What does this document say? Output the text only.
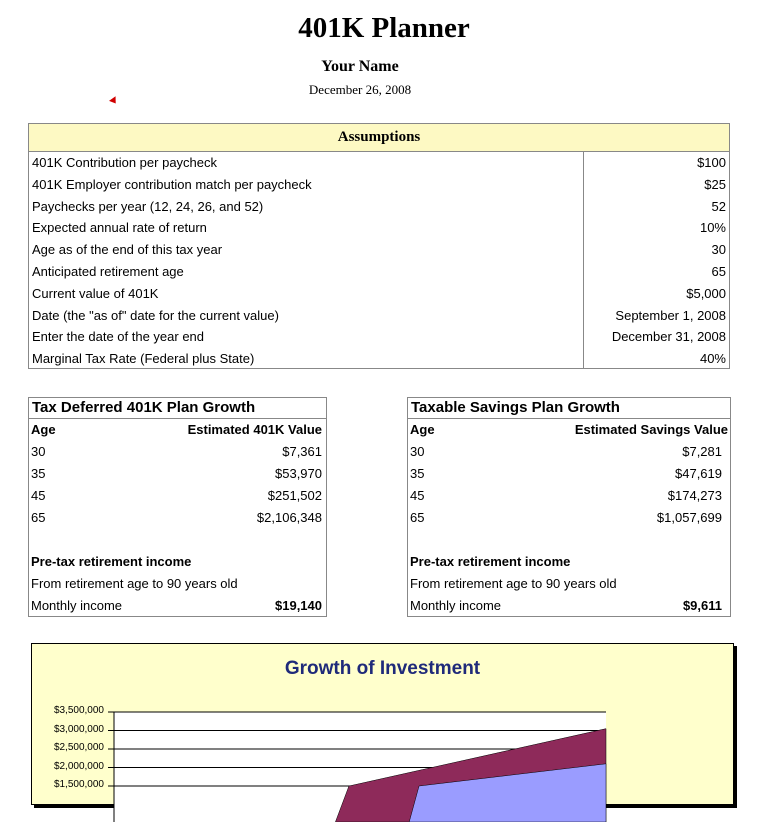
401K Planner
Your Name
December 26, 2008
Assumptions
401K Contribution per paycheck	$100
401K Employer contribution match per paycheck	$25
Paychecks per year (12, 24, 26, and 52)	52
Expected annual rate of return	10%
Age as of the end of this tax year	30
Anticipated retirement age	65
Current value of 401K	$5,000
Date (the "as of" date for the current value)	September 1, 2008
Enter the date of the year end	December 31, 2008
Marginal Tax Rate (Federal plus State)	40%
Tax Deferred 401K Plan Growth
Age	Estimated 401K Value
30	$7,361
35	$53,970
45	$251,502
65	$2,106,348
Pre-tax retirement income
From retirement age to 90 years old
Monthly income	$19,140
Taxable Savings Plan Growth
Age	Estimated Savings Value
30	$7,281
35	$47,619
45	$174,273
65	$1,057,699
Pre-tax retirement income
From retirement age to 90 years old
Monthly income	$9,611
Growth of Investment
$3,500,000
$3,000,000
$2,500,000
$2,000,000
$1,500,000
